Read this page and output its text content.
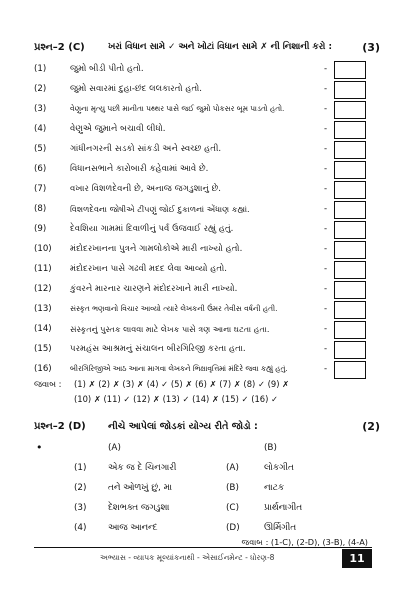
પ્રશ્ન–2 (C)	ખરાં વિધાન સામે ✓ અને ખોટાં વિધાન સામે ✗ ની નિશાની કરો :	(3)
(1)	જુમો બીડી પીતો હતો.	-
(2)	જુમો સવારમાં દુહા-છંદ લલકારતો હતો.	-
(3)	વેણુના મૃત્યુ પછી માનીતા પથ્થર પાસે જઈ જુમો પોકસર બૂમ પાડતો હતો.	-
(4)	વેણુએ જુમાને બચાવી લીધો.	-
(5)	ગાંધીનગરની સડકો સાંકડી અને સ્વચ્છ હતી.	-
(6)	વિધાનસભાને કારોબારી કહેવામાં આવે છે.	-
(7)	વખાર વિશળદેવની છે, અનાજ જગડુશાનું છે.	-
(8)	વિશળદેવના જોષીએ ટીંપણું જોઈ દુકાળનાં એંધાણ કહ્યાં.	-
(9)	દેવશિયા ગામમાં દિવાળીનું પર્વ ઉજવાઈ રહ્યું હતું.	-
(10) મંદોદરખાનના પુત્રને ગામલોકોએ મારી નાખ્યો હતો.	-
(11) મંદોદરખાન પાસે ગઢવી મદદ લેવા આવ્યો હતો.	-
(12) કુંવરને મારનાર ચારણને મંદોદરખાને મારી નાખ્યો.	-
(13) સંસ્કૃત ભણવાનો વિચાર આવ્યો ત્યારે લેખકની ઉંમર તેવીસ વર્ષની હતી.	-
(14) સંસ્કૃતનું પુસ્તક લાવવા માટે લેખક પાસે ત્રણ આના ઘટતા હતા.	-
(15) પરમહંસ આશ્રમનું સંચાલન બીરગિરિજી કરતા હતા.	-
(16)	બીરગિરિજીએ આઠ આના માગવા લેખકને ભિક્ષાવૃત્તિમાં મંદિરે જવા કહ્યું હતું.	-
જવાબ : (1) ✗ (2) ✗ (3) ✗ (4) ✓ (5) ✗ (6) ✗ (7) ✗ (8) ✓ (9) ✗
(10) ✗ (11) ✓ (12) ✗ (13) ✓ (14) ✗ (15) ✓ (16) ✓
પ્રશ્ન–2 (D) નીચે આપેલાં જોડકાં યોગ્ય રીતે જોડો :	(2)
•	(A)	(B)
(1) એક જ દે ચિનગારી	(A)	લોકગીત
(2) તને ઓળખું છું, મા	(B)	નાટક
(3) દેશભક્ત જગડુશા	(C)	પ્રાર્થનાગીત
(4) આજ આનન્દ	(D)	ઊર્મિગીત
જવાબ : (1-C), (2-D), (3-B), (4-A)
અભ્યાસ - વ્યાપક મૂલ્યાંકનાથી - એસાઈનમેન્ટ - ધોરણ-8	11
